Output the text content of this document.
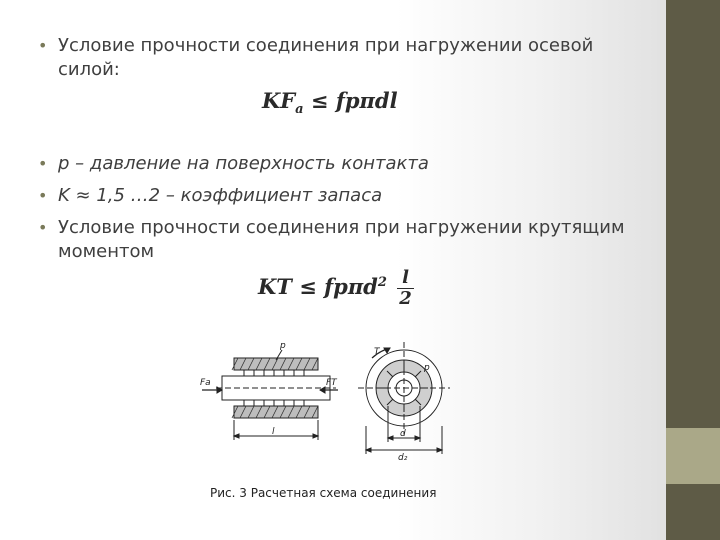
• Условие прочности соединения при нагружении осевой силой:
$KF_a \le fp\pi dl$
• p – давление на поверхность контакта
• K ≈ 1,5 …2 – коэффициент запаса
• Условие прочности соединения при нагружении крутящим моментом
KT ≤ $fp\pi d^2 \frac{l}{2}$
p
Fa	FT
l
T
p
d
d₂
Рис. 3 Расчетная схема соединения
